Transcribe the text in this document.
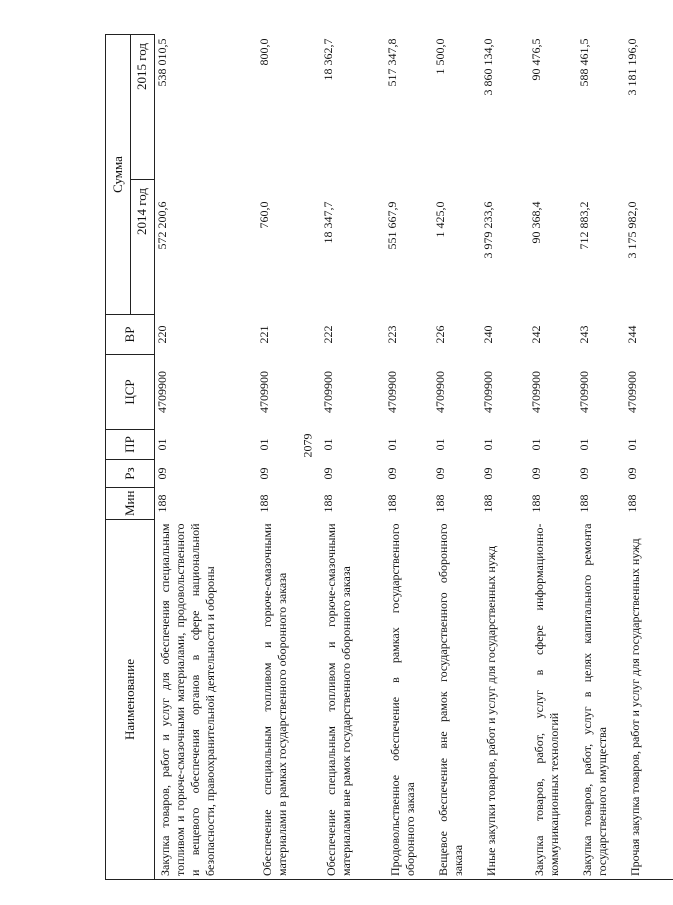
2079
Наименование	Мин	Рз	ПР	ЦСР	ВР	Сумма	
						2014 год	2015 год
Закупка товаров, работ и услуг для обеспечения специальным топливом и горюче-смазочными материалами, продовольственного и вещевого обеспечения органов в сфере национальной безопасности, правоохранительной деятельности и обороны	188	09	01	4709900	220	572 200,6	538 010,5
Обеспечение специальным топливом и горюче-смазочными материалами в рамках государственного оборонного заказа	188	09	01	4709900	221	760,0	800,0
Обеспечение специальным топливом и горюче-смазочными материалами вне рамок государственного оборонного заказа	188	09	01	4709900	222	18 347,7	18 362,7
Продовольственное обеспечение в рамках государственного оборонного заказа	188	09	01	4709900	223	551 667,9	517 347,8
Вещевое обеспечение вне рамок государственного оборонного заказа	188	09	01	4709900	226	1 425,0	1 500,0
Иные закупки товаров, работ и услуг для государственных нужд	188	09	01	4709900	240	3 979 233,6	3 860 134,0
Закупка товаров, работ, услуг в сфере информационно-коммуникационных технологий	188	09	01	4709900	242	90 368,4	90 476,5
Закупка товаров, работ, услуг в целях капитального ремонта государственного имущества	188	09	01	4709900	243	712 883,2	588 461,5
Прочая закупка товаров, работ и услуг для государственных нужд	188	09	01	4709900	244	3 175 982,0	3 181 196,0
